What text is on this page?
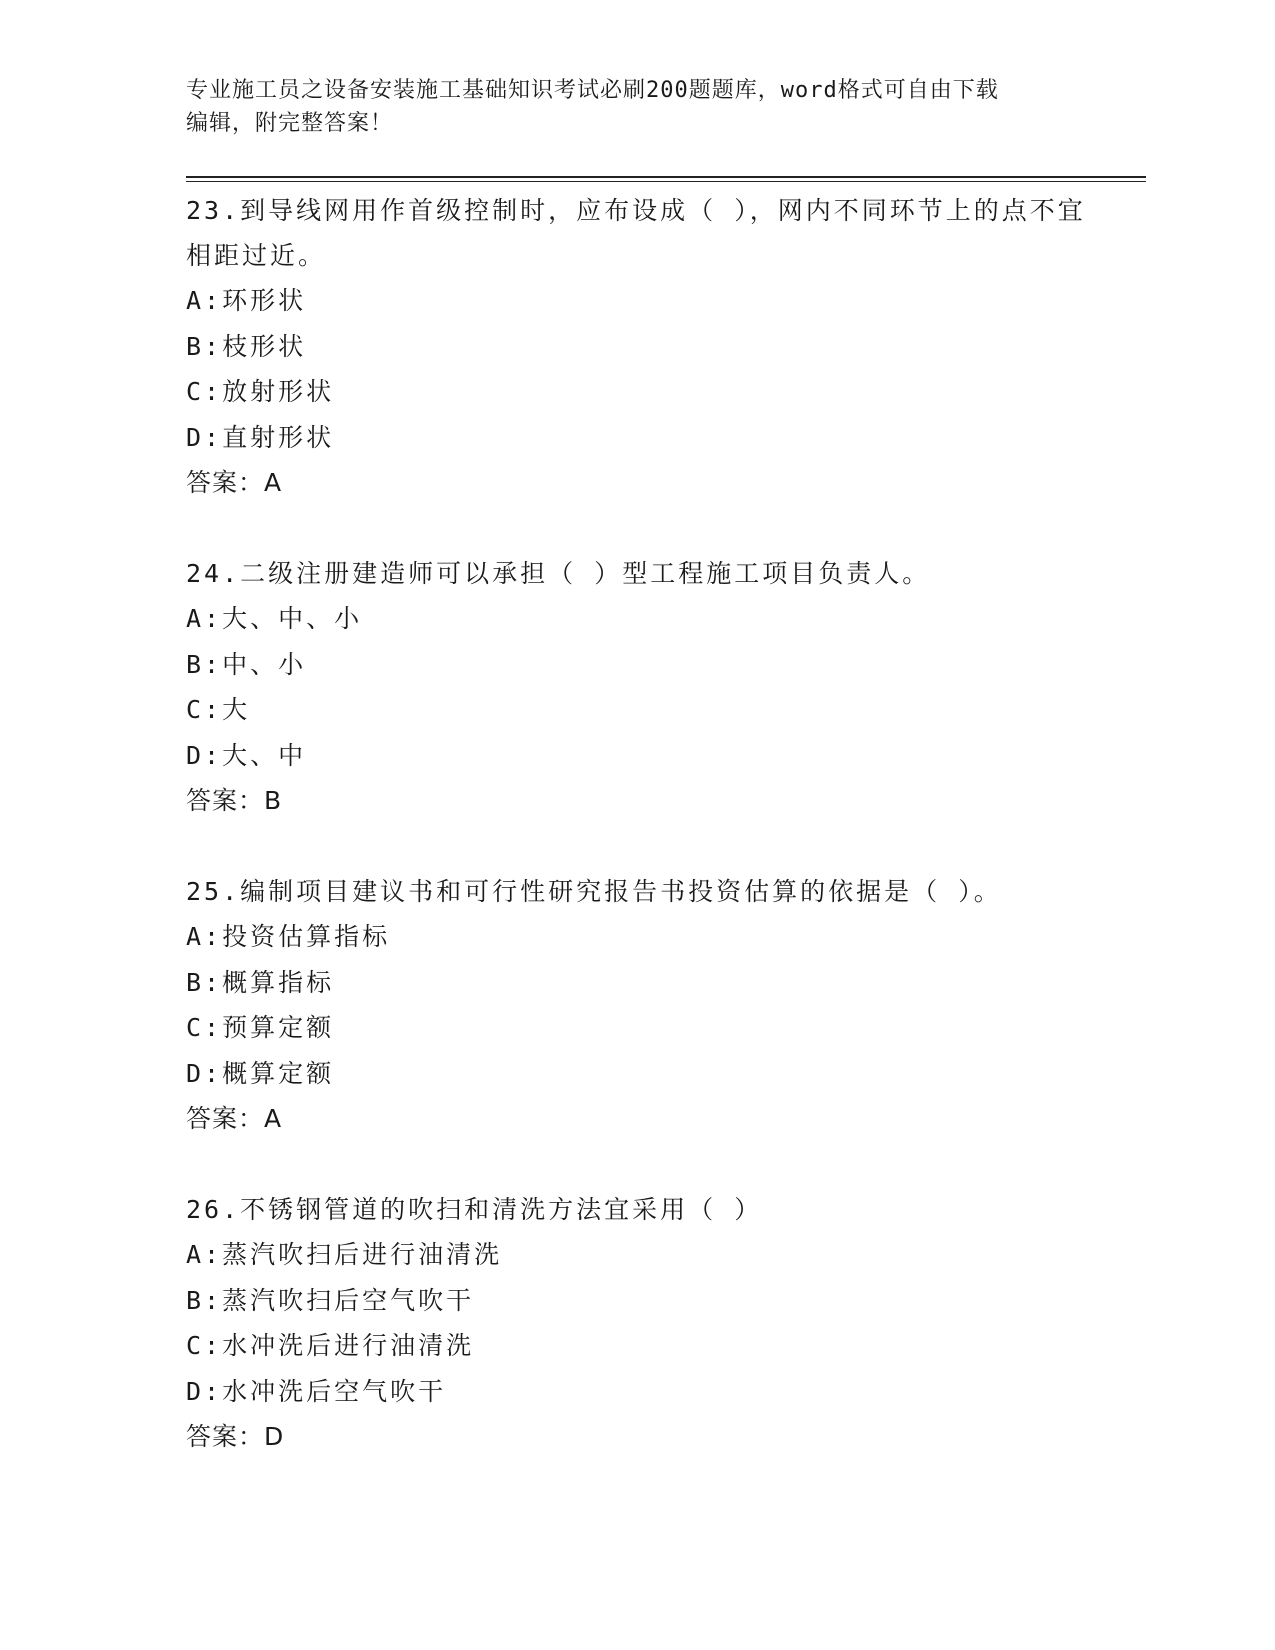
专业施工员之设备安装施工基础知识考试必刷200题题库，word格式可自由下载
编辑，附完整答案！
23.到导线网用作首级控制时，应布设成（ ），网内不同环节上的点不宜相距过近。
A:环形状
B:枝形状
C:放射形状
D:直射形状
答案：A
24.二级注册建造师可以承担（ ）型工程施工项目负责人。
A:大、中、小
B:中、小
C:大
D:大、中
答案：B
25.编制项目建议书和可行性研究报告书投资估算的依据是（ ）。
A:投资估算指标
B:概算指标
C:预算定额
D:概算定额
答案：A
26.不锈钢管道的吹扫和清洗方法宜采用（ ）
A:蒸汽吹扫后进行油清洗
B:蒸汽吹扫后空气吹干
C:水冲洗后进行油清洗
D:水冲洗后空气吹干
答案：D
